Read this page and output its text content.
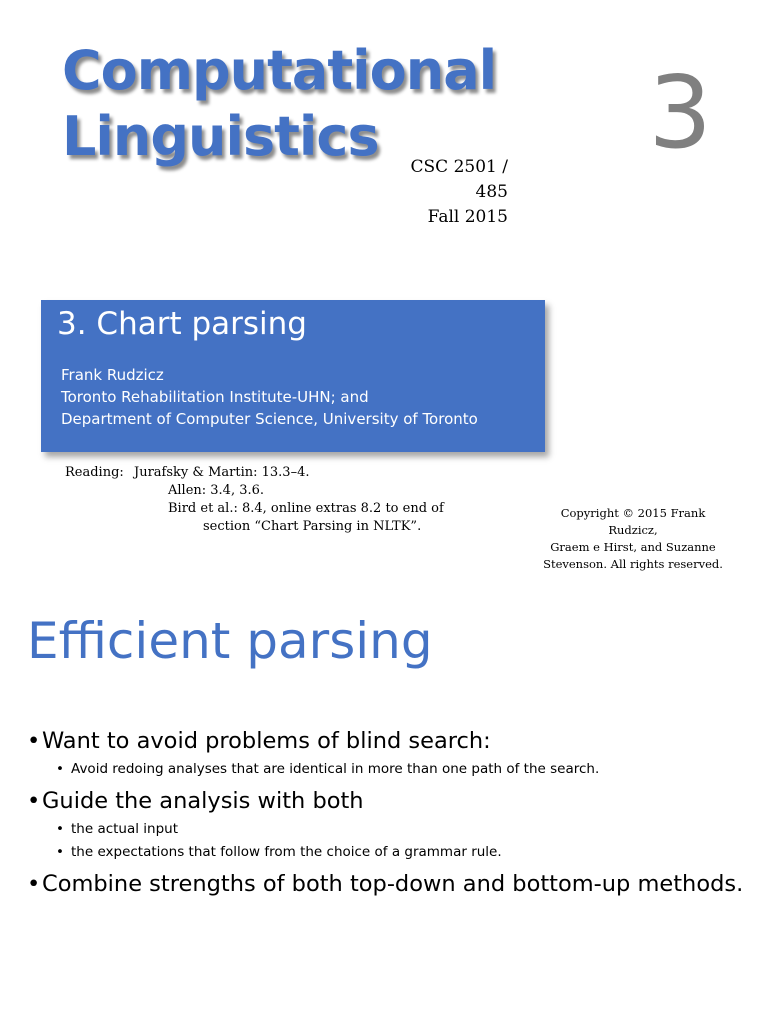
Computational
Linguistics	CSC 2501 / 485
Fall 2015
3
3. Chart parsing
Frank Rudzicz
Toronto Rehabilitation Institute-UHN; and
Department of Computer Science, University of Toronto
Reading: Jurafsky & Martin: 13.3–4.
Allen: 3.4, 3.6.
Bird et al.: 8.4, online extras 8.2 to end of
section “Chart Parsing in NLTK”.
Copyright © 2015 Frank Rudzicz,
Graem e Hirst, and Suzanne
Stevenson. All rights reserved.
Efficient parsing
• Want to avoid problems of blind search:
• Avoid redoing analyses that are identical in more than one path of the search.
• Guide the analysis with both
• the actual input
• the expectations that follow from the choice of a grammar rule.
• Combine strengths of both top-down and bottom-up methods.
